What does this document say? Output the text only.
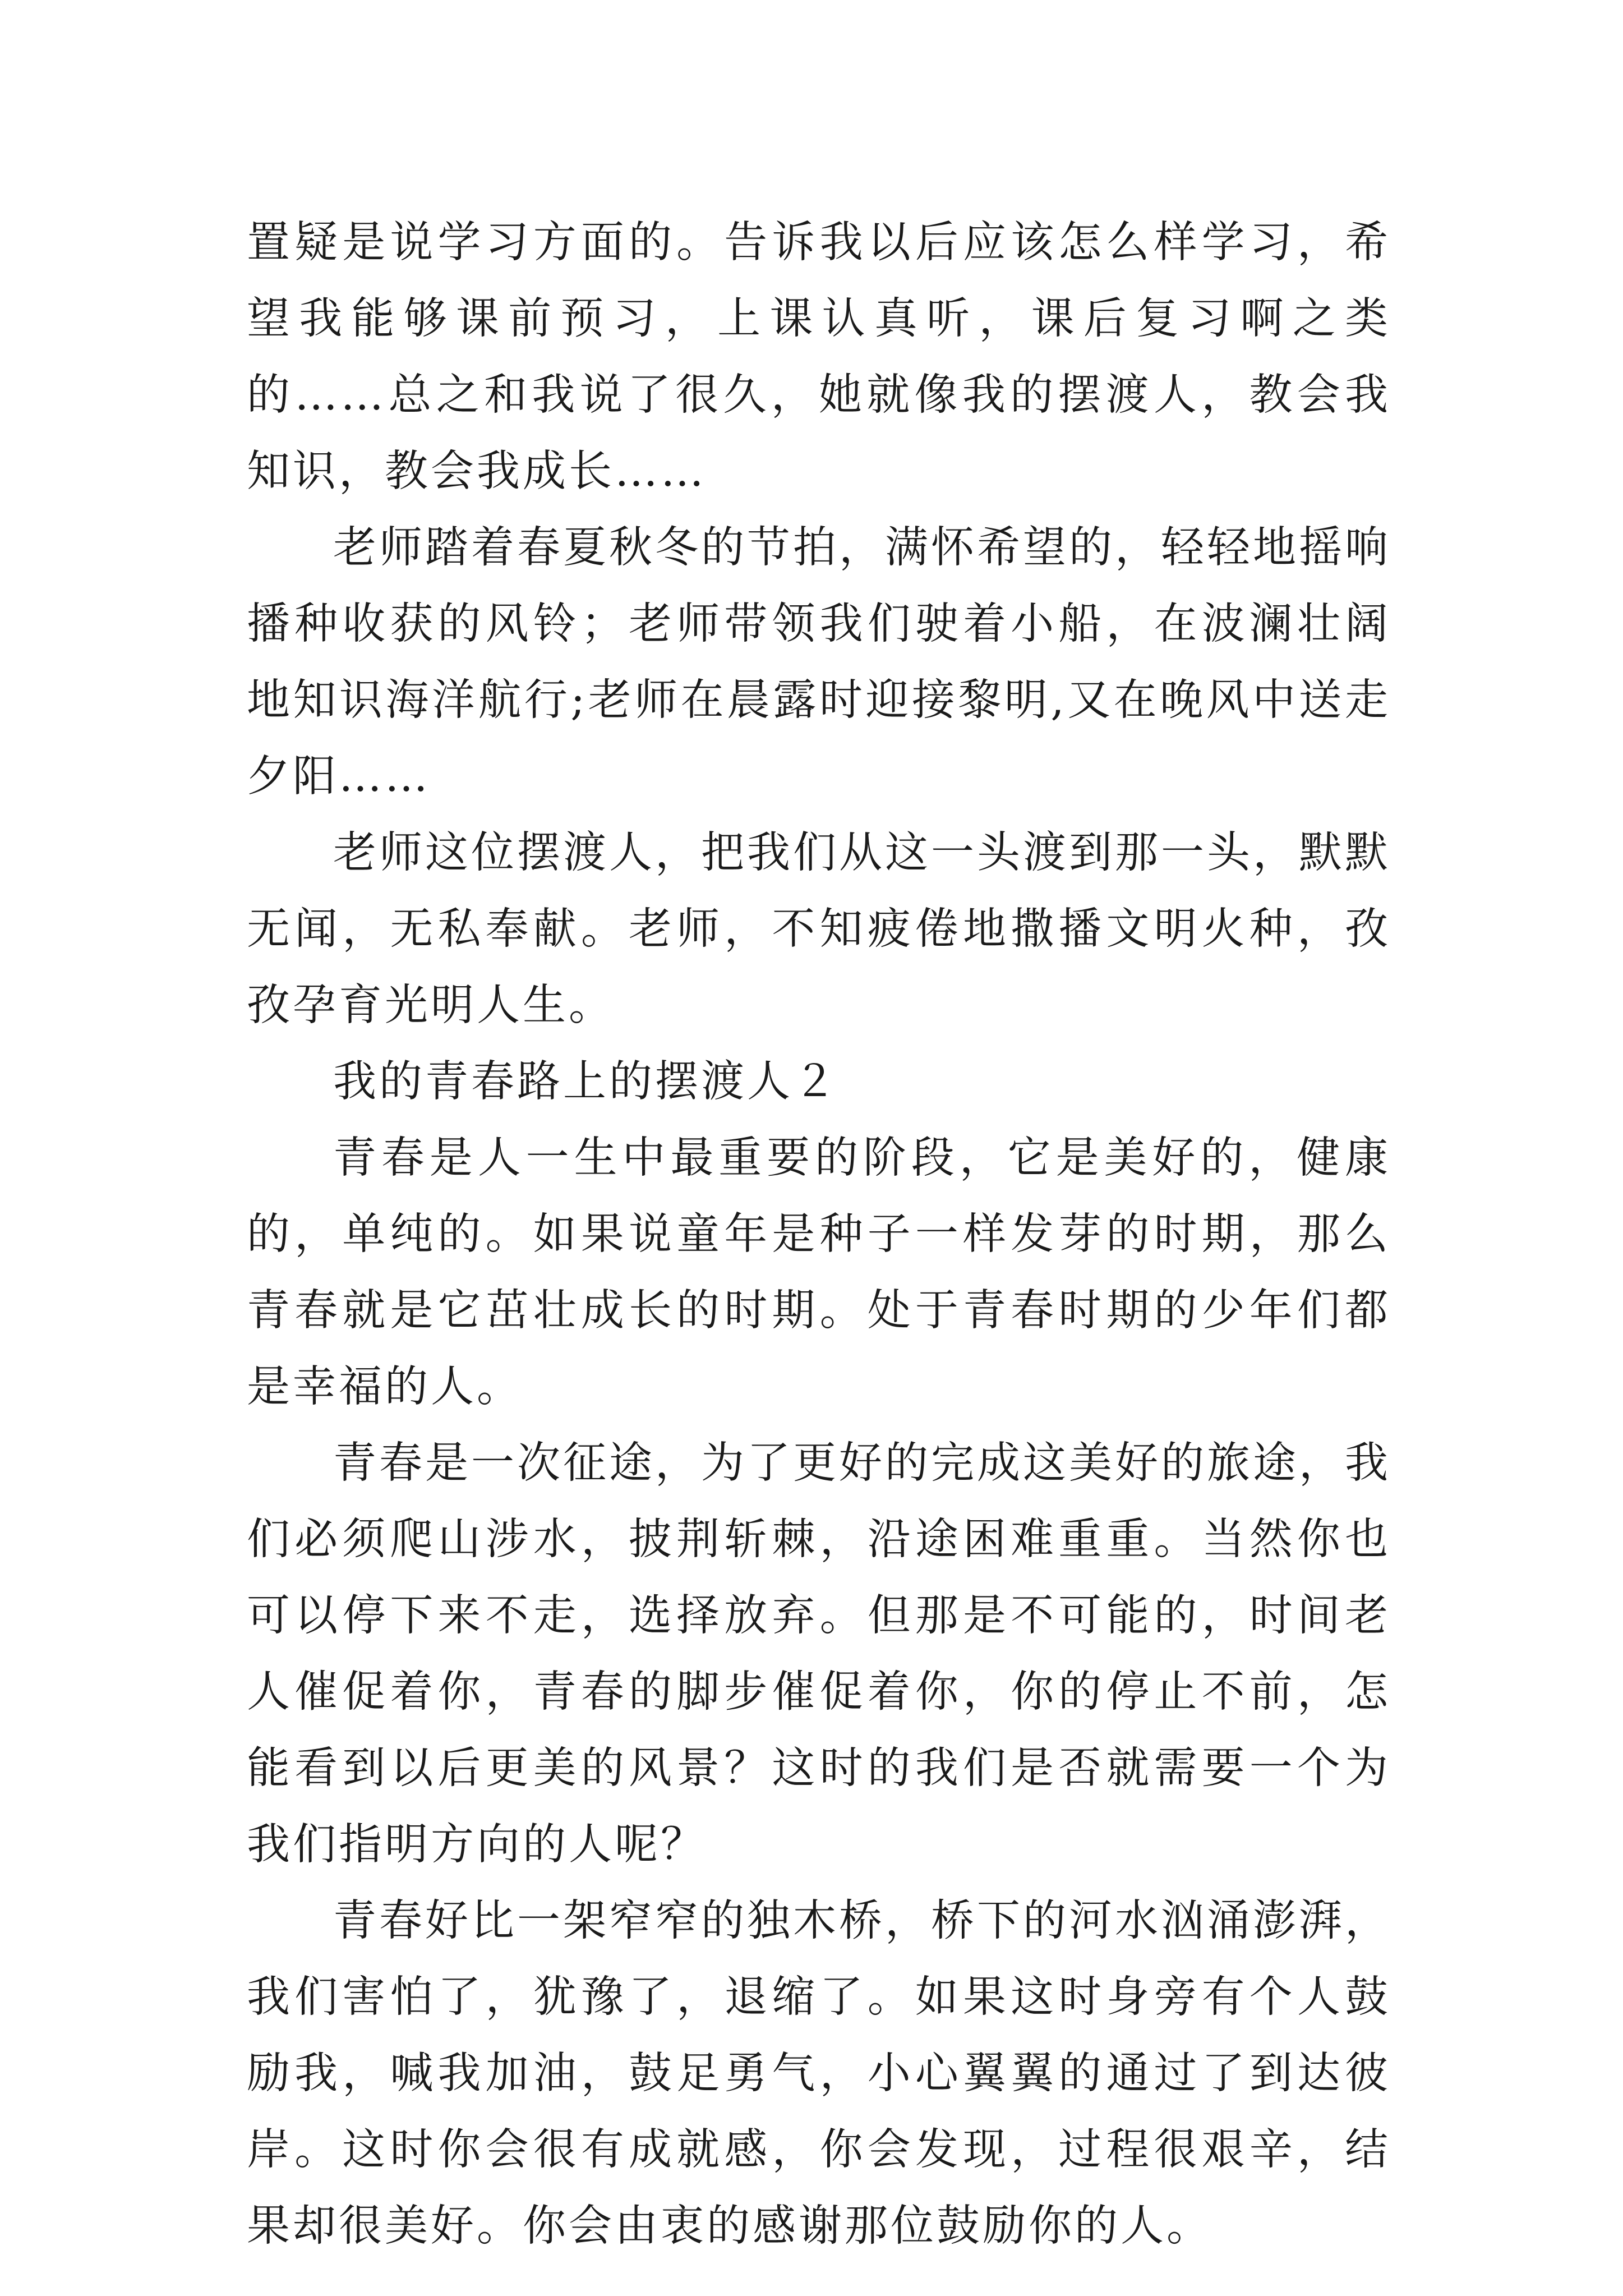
置疑是说学习方面的。告诉我以后应该怎么样学习，希望我能够课前预习，上课认真听，课后复习啊之类的……总之和我说了很久，她就像我的摆渡人，教会我知识，教会我成长……

老师踏着春夏秋冬的节拍，满怀希望的，轻轻地摇响播种收获的风铃；老师带领我们驶着小船，在波澜壮阔地知识海洋航行;老师在晨露时迎接黎明,又在晚风中送走夕阳……

老师这位摆渡人，把我们从这一头渡到那一头，默默无闻，无私奉献。老师，不知疲倦地撒播文明火种，孜孜孕育光明人生。

我的青春路上的摆渡人２

青春是人一生中最重要的阶段，它是美好的，健康的，单纯的。如果说童年是种子一样发芽的时期，那么青春就是它茁壮成长的时期。处于青春时期的少年们都是幸福的人。

青春是一次征途，为了更好的完成这美好的旅途，我们必须爬山涉水，披荆斩棘，沿途困难重重。当然你也可以停下来不走，选择放弃。但那是不可能的，时间老人催促着你，青春的脚步催促着你，你的停止不前，怎能看到以后更美的风景？这时的我们是否就需要一个为我们指明方向的人呢？

青春好比一架窄窄的独木桥，桥下的河水汹涌澎湃，我们害怕了，犹豫了，退缩了。如果这时身旁有个人鼓励我，喊我加油，鼓足勇气，小心翼翼的通过了到达彼岸。这时你会很有成就感，你会发现，过程很艰辛，结果却很美好。你会由衷的感谢那位鼓励你的人。
